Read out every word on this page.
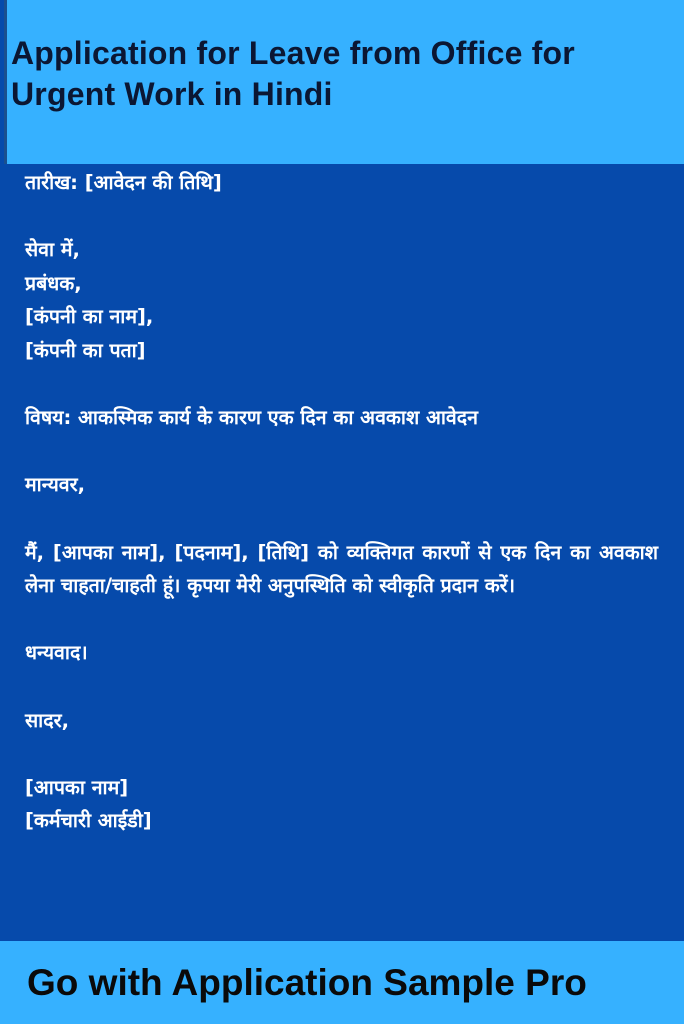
Application for Leave from Office for Urgent Work in Hindi
तारीख: [आवेदन की तिथि]
सेवा में,
प्रबंधक,
[कंपनी का नाम],
[कंपनी का पता]
विषय: आकस्मिक कार्य के कारण एक दिन का अवकाश आवेदन
मान्यवर,
मैं, [आपका नाम], [पदनाम], [तिथि] को व्यक्तिगत कारणों से एक दिन का अवकाश लेना चाहता/चाहती हूं। कृपया मेरी अनुपस्थिति को स्वीकृति प्रदान करें।
धन्यवाद।
सादर,
[आपका नाम]
[कर्मचारी आईडी]

Go with Application Sample Pro
